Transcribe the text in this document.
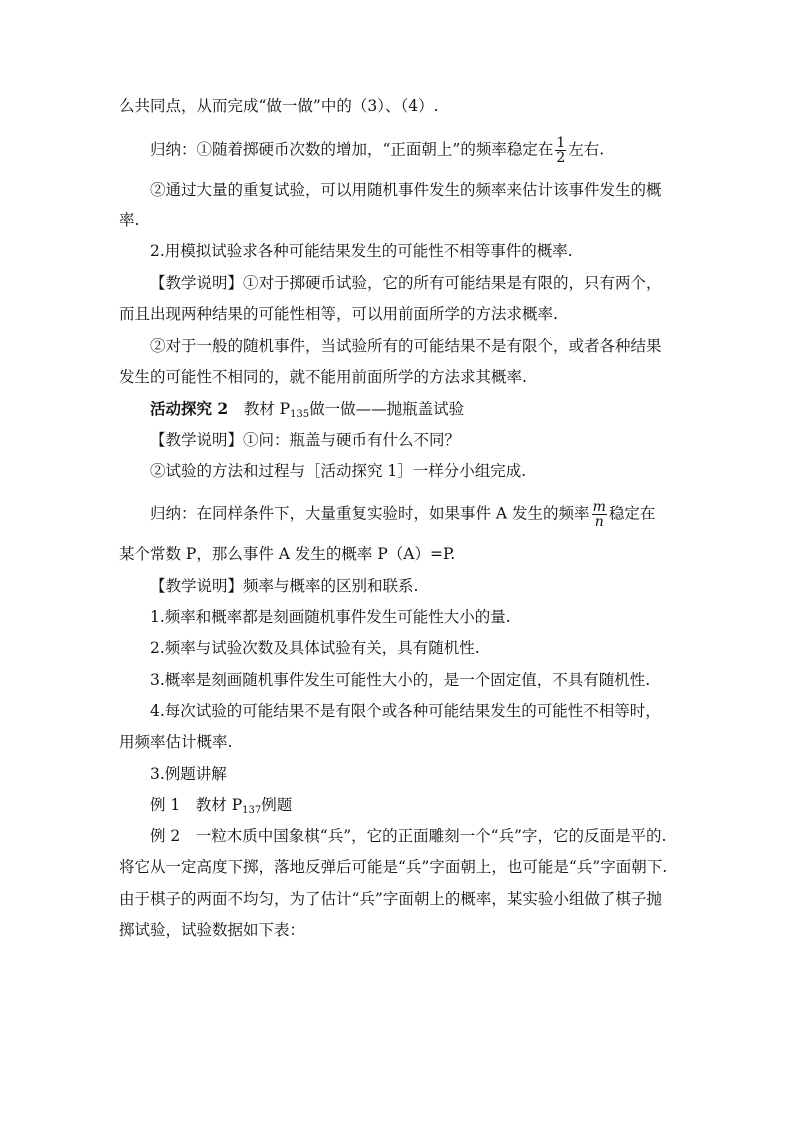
么共同点，从而完成“做一做”中的（3）、（4）.
归纳：①随着掷硬币次数的增加，“正面朝上”的频率稳定在 $\frac{1}{2}$ 左右.
②通过大量的重复试验，可以用随机事件发生的频率来估计该事件发生的概
率.
2.用模拟试验求各种可能结果发生的可能性不相等事件的概率.
【教学说明】①对于掷硬币试验，它的所有可能结果是有限的，只有两个，
而且出现两种结果的可能性相等，可以用前面所学的方法求概率.
②对于一般的随机事件，当试验所有的可能结果不是有限个，或者各种结果
发生的可能性不相同的，就不能用前面所学的方法求其概率.
活动探究 2　 教材 $P_{135}$做一做——抛瓶盖试验
【教学说明】①问：瓶盖与硬币有什么不同？
②试验的方法和过程与［活动探究 1］一样分小组完成.
归纳：在同样条件下，大量重复实验时，如果事件 A 发生的频率 $\frac{m}{n}$ 稳定在
某个常数 P，那么事件 A 发生的概率 P（A）=P.
【教学说明】频率与概率的区别和联系.
1.频率和概率都是刻画随机事件发生可能性大小的量.
2.频率与试验次数及具体试验有关，具有随机性.
3.概率是刻画随机事件发生可能性大小的，是一个固定值，不具有随机性.
4.每次试验的可能结果不是有限个或各种可能结果发生的可能性不相等时，
用频率估计概率.
3.例题讲解
例 1　教材 $P_{137}$例题
例 2　一粒木质中国象棋“兵”，它的正面雕刻一个“兵”字，它的反面是平的.
将它从一定高度下掷，落地反弹后可能是“兵”字面朝上，也可能是“兵”字面朝下.
由于棋子的两面不均匀，为了估计“兵”字面朝上的概率，某实验小组做了棋子抛
掷试验，试验数据如下表：
